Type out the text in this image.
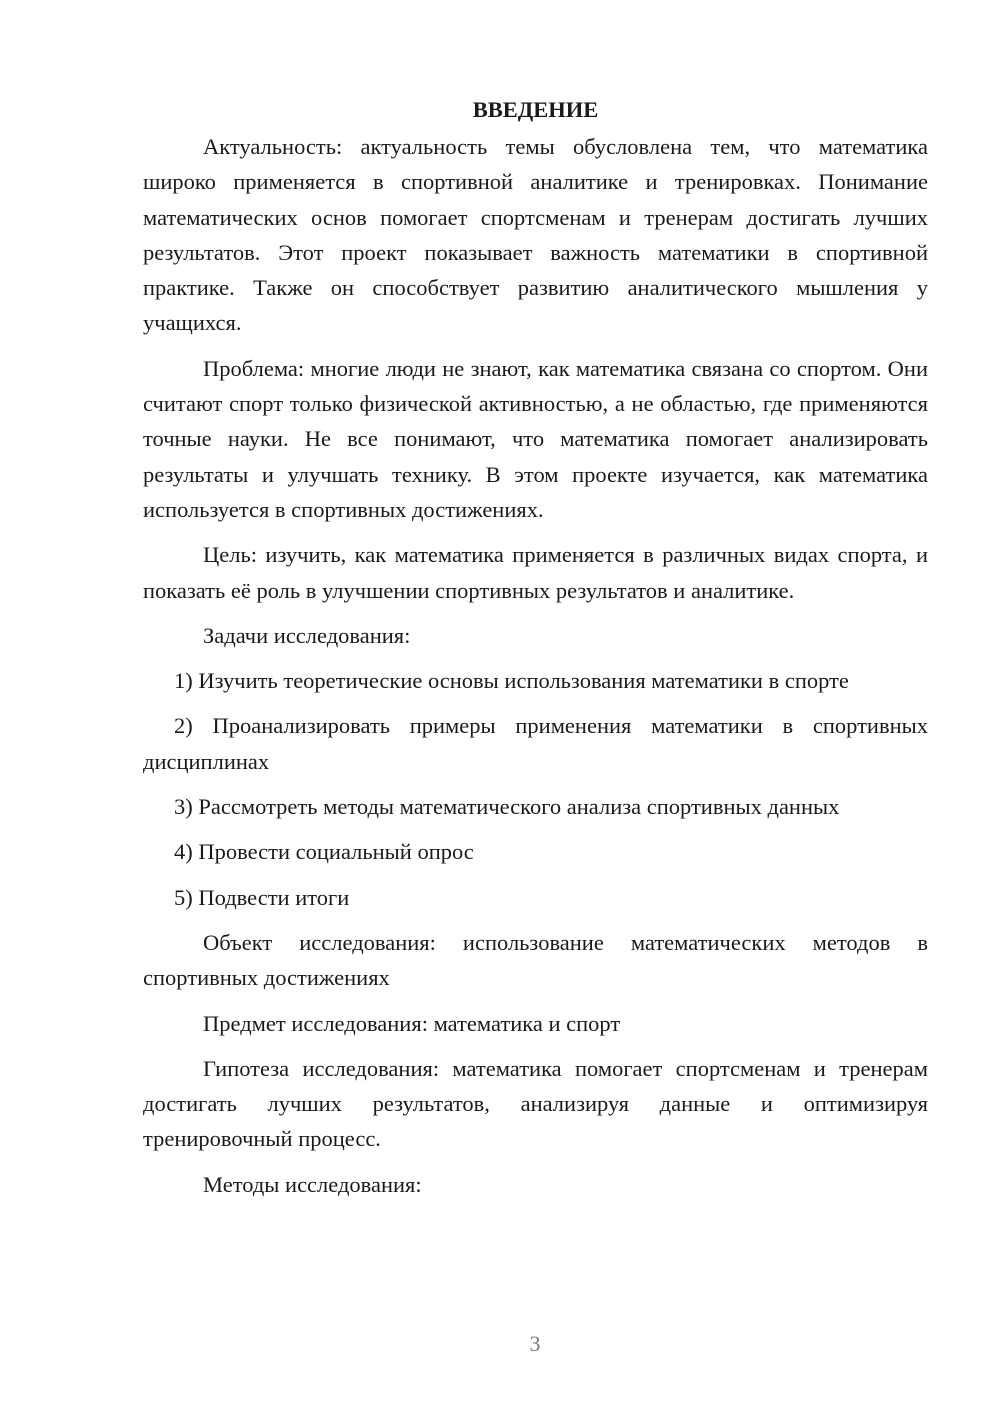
ВВЕДЕНИЕ

Актуальность: актуальность темы обусловлена тем, что математика широко применяется в спортивной аналитике и тренировках. Понимание математических основ помогает спортсменам и тренерам достигать лучших результатов. Этот проект показывает важность математики в спортивной практике. Также он способствует развитию аналитического мышления у учащихся.

Проблема: многие люди не знают, как математика связана со спортом. Они считают спорт только физической активностью, а не областью, где применяются точные науки. Не все понимают, что математика помогает анализировать результаты и улучшать технику. В этом проекте изучается, как математика используется в спортивных достижениях.

Цель: изучить, как математика применяется в различных видах спорта, и показать её роль в улучшении спортивных результатов и аналитике.

Задачи исследования:

1) Изучить теоретические основы использования математики в спорте

2) Проанализировать примеры применения математики в спортивных дисциплинах

3) Рассмотреть методы математического анализа спортивных данных

4) Провести социальный опрос

5) Подвести итоги

Объект исследования: использование математических методов в спортивных достижениях

Предмет исследования: математика и спорт

Гипотеза исследования: математика помогает спортсменам и тренерам достигать лучших результатов, анализируя данные и оптимизируя тренировочный процесс.

Методы исследования:

3
